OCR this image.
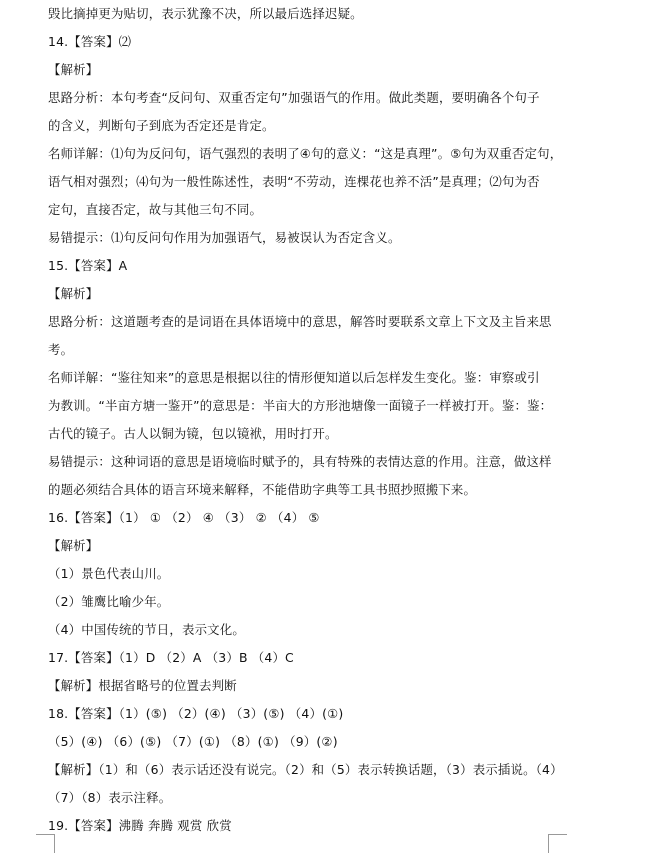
毁比摘掉更为贴切，表示犹豫不决，所以最后选择迟疑。
14.【答案】⑵
【解析】
思路分析：本句考查“反问句、双重否定句”加强语气的作用。做此类题，要明确各个句子
的含义，判断句子到底为否定还是肯定。
名师详解：⑴句为反问句，语气强烈的表明了④句的意义：“这是真理”。⑤句为双重否定句，
语气相对强烈；⑷句为一般性陈述性，表明“不劳动，连棵花也养不活”是真理；⑵句为否
定句，直接否定，故与其他三句不同。
易错提示：⑴句反问句作用为加强语气，易被误认为否定含义。
15.【答案】A
【解析】
思路分析：这道题考查的是词语在具体语境中的意思，解答时要联系文章上下文及主旨来思
考。
名师详解：“鉴往知来”的意思是根据以往的情形便知道以后怎样发生变化。鉴：审察或引
为教训。“半亩方塘一鉴开”的意思是：半亩大的方形池塘像一面镜子一样被打开。鉴：鉴：
古代的镜子。古人以铜为镜，包以镜袱，用时打开。
易错提示：这种词语的意思是语境临时赋予的，具有特殊的表情达意的作用。注意，做这样
的题必须结合具体的语言环境来解释，不能借助字典等工具书照抄照搬下来。
16.【答案】（1） ① （2） ④ （3） ② （4） ⑤
【解析】
（1）景色代表山川。
（2）雏鹰比喻少年。
（4）中国传统的节日，表示文化。
17.【答案】（1）D （2）A （3）B （4）C
【解析】根据省略号的位置去判断
18.【答案】（1）(⑤) （2）(④) （3）(⑤) （4）(①)
（5）(④) （6）(⑤) （7）(①) （8）(①) （9）(②)
【解析】（1）和（6）表示话还没有说完。（2）和（5）表示转换话题，（3）表示插说。（4）
（7）（8）表示注释。
19.【答案】沸腾 奔腾 观赏 欣赏
